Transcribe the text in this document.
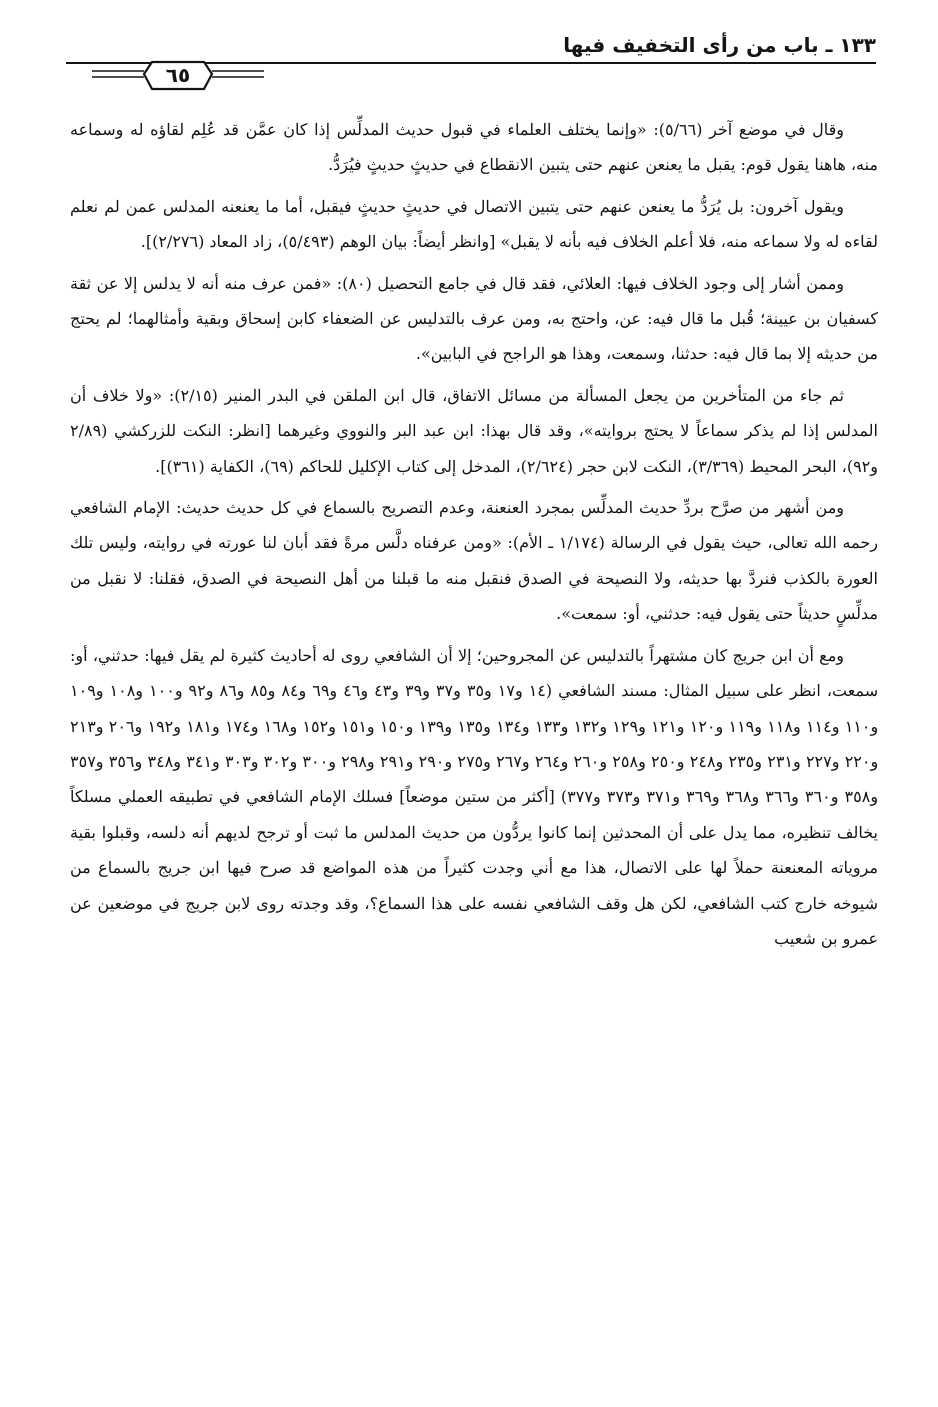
١٣٣ ـ باب من رأى التخفيف فيها
٦٥

وقال في موضع آخر (٥/٦٦): «وإنما يختلف العلماء في قبول حديث المدلِّس إذا كان عمَّن قد عُلِم لقاؤه له وسماعه منه، هاهنا يقول قوم: يقبل ما يعنعن عنهم حتى يتبين الانقطاع في حديثٍ حديثٍ فيُرَدُّ.

ويقول آخرون: بل يُرَدُّ ما يعنعن عنهم حتى يتبين الاتصال في حديثٍ حديثٍ فيقبل، أما ما يعنعنه المدلس عمن لم نعلم لقاءه له ولا سماعه منه، فلا أعلم الخلاف فيه بأنه لا يقبل» [وانظر أيضاً: بيان الوهم (٥/٤٩٣)، زاد المعاد (٢/٢٧٦)].

وممن أشار إلى وجود الخلاف فيها: العلائي، فقد قال في جامع التحصيل (٨٠): «فمن عرف منه أنه لا يدلس إلا عن ثقة كسفيان بن عيينة؛ قُبل ما قال فيه: عن، واحتج به، ومن عرف بالتدليس عن الضعفاء كابن إسحاق وبقية وأمثالهما؛ لم يحتج من حديثه إلا بما قال فيه: حدثنا، وسمعت، وهذا هو الراجح في البابين».

ثم جاء من المتأخرين من يجعل المسألة من مسائل الاتفاق، قال ابن الملقن في البدر المنير (٢/١٥): «ولا خلاف أن المدلس إذا لم يذكر سماعاً لا يحتج بروايته»، وقد قال بهذا: ابن عبد البر والنووي وغيرهما [انظر: النكت للزركشي (٢/٨٩ و٩٢)، البحر المحيط (٣/٣٦٩)، النكت لابن حجر (٢/٦٢٤)، المدخل إلى كتاب الإكليل للحاكم (٦٩)، الكفاية (٣٦١)].

ومن أشهر من صرَّح بردِّ حديث المدلِّس بمجرد العنعنة، وعدم التصريح بالسماع في كل حديث حديث: الإمام الشافعي رحمه الله تعالى، حيث يقول في الرسالة (١/١٧٤ ـ الأم): «ومن عرفناه دلَّس مرةً فقد أبان لنا عورته في روايته، وليس تلك العورة بالكذب فنردَّ بها حديثه، ولا النصيحة في الصدق فنقبل منه ما قبلنا من أهل النصيحة في الصدق، فقلنا: لا نقبل من مدلِّسٍ حديثاً حتى يقول فيه: حدثني، أو: سمعت».

ومع أن ابن جريج كان مشتهراً بالتدليس عن المجروحين؛ إلا أن الشافعي روى له أحاديث كثيرة لم يقل فيها: حدثني، أو: سمعت، انظر على سبيل المثال: مسند الشافعي (١٤ و١٧ و٣٥ و٣٧ و٣٩ و٤٣ و٤٦ و٦٩ و٨٤ و٨٥ و٨٦ و٩٢ و١٠٠ و١٠٨ و١٠٩ و١١٠ و١١٤ و١١٨ و١١٩ و١٢٠ و١٢١ و١٢٩ و١٣٢ و١٣٣ و١٣٤ و١٣٥ و١٣٩ و١٥٠ و١٥١ و١٥٢ و١٦٨ و١٧٤ و١٨١ و١٩٢ و٢٠٦ و٢١٣ و٢٢٠ و٢٢٧ و٢٣١ و٢٣٥ و٢٤٨ و٢٥٠ و٢٥٨ و٢٦٠ و٢٦٤ و٢٦٧ و٢٧٥ و٢٩٠ و٢٩١ و٢٩٨ و٣٠٠ و٣٠٢ و٣٠٣ و٣٤١ و٣٤٨ و٣٥٦ و٣٥٧ و٣٥٨ و٣٦٠ و٣٦٦ و٣٦٨ و٣٦٩ و٣٧١ و٣٧٣ و٣٧٧) [أكثر من ستين موضعاً] فسلك الإمام الشافعي في تطبيقه العملي مسلكاً يخالف تنظيره، مما يدل على أن المحدثين إنما كانوا يردُّون من حديث المدلس ما ثبت أو ترجح لديهم أنه دلسه، وقبلوا بقية مروياته المعنعنة حملاً لها على الاتصال، هذا مع أني وجدت كثيراً من هذه المواضع قد صرح فيها ابن جريج بالسماع من شيوخه خارج كتب الشافعي، لكن هل وقف الشافعي نفسه على هذا السماع؟، وقد وجدته روى لابن جريج في موضعين عن عمرو بن شعيب
